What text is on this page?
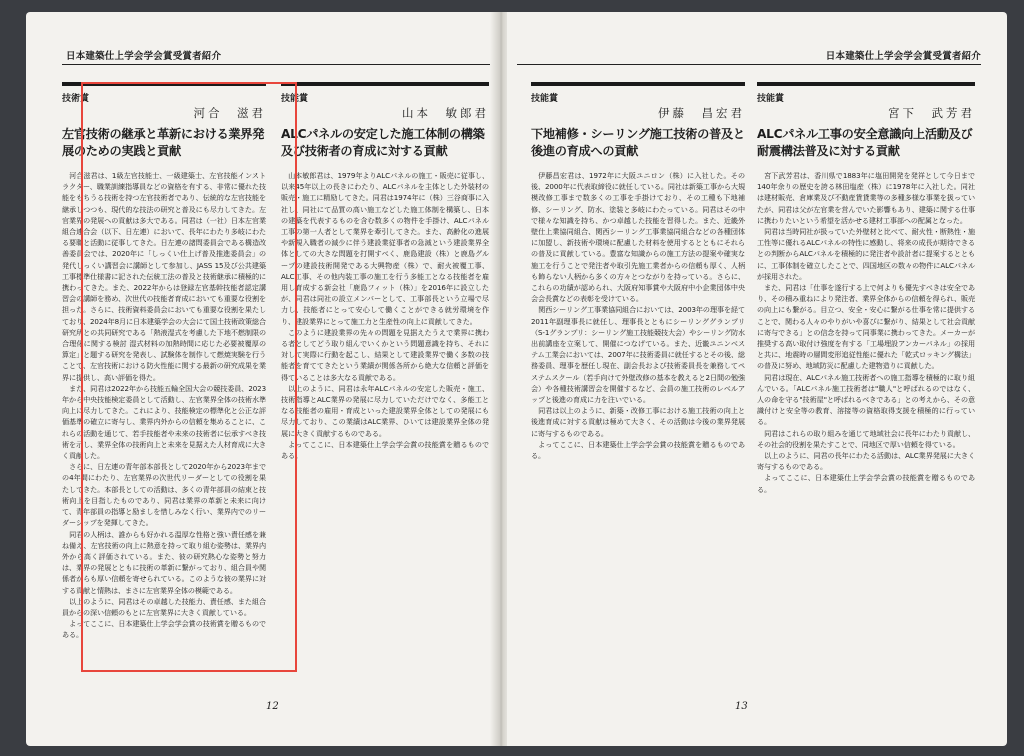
日本建築仕上学会学会賞受賞者紹介
技術賞
河合　滋君
左官技術の継承と革新における業界発展のための実践と貢献

河合滋君は、1級左官技能士、一級建築士、左官技能インストラクター、職業訓練指導員などの資格を有する、非常に優れた技能をもちうる技術を持つ左官技術者であり、伝統的な左官技能を継承しつつも、現代的な技法の研究と普及にも尽力してきた。左官業界の発展への貢献は多大である。同君は（一社）日本左官業組合連合会（以下、日左連）において、長年にわたり多岐にわたる要職と活動に従事してきた。日左連の諸問委員会である構造改善委員会では、2020年に「しっくい仕上げ普及推進委員会」の発代しっくい講習会に講師として参加し、JASS 15及び公共建築工事標準仕様書に記された伝統工法の普及と技術継承に積極的に携わってきた。また、2022年からは登録左官基幹技能者認定講習会の講師を務め、次世代の技能者育成においても重要な役割を担った。さらに、技術資料委員会においても重要な役割を果たしており、2024年8月に日本建築学会の大会にて国土技術政策総合研究所との共同研究である「熱液湿式を考慮した下地不燃制限の合理化に関する検討 湿式材料の加熱時間に応じた必要被覆厚の算定」と題する研究を発表し、試験体を制作して燃焼実験を行うことで、左官技術における防火性能に関する最新の研究成果を業界に提供し、高い評価を得た。

また、同君は2022年から技能五輪全国大会の競技委員、2023年から中央技能検定委員として活動し、左官業界全体の技術水準向上に尽力してきた。これにより、技能検定の標準化と公正な評価基準の確立に寄与し、業界内外からの信頼を集めることに、これらの活動を通じて、若手技能者や未来の技術者に伝承すべき技術を示し、業界全体の技術向上と未来を見据えた人材育成に大きく貢献した。

さらに、日左連の青年部本部長として2020年から2023年までの4年間にわたり、左官業界の次世代リーダーとしての役割を果たしてきた。本部長としての活動は、多くの青年部員の結束と技術向上を目指したものであり、同君は業界の革新と未来に向けて、青年部員の指導と励ましを惜しみなく行い、業界内でのリーダーシップを発揮してきた。

同君の人柄は、誰からも好かれる温厚な性格と強い責任感を兼ね備え、左官技術の向上に熱意を持って取り組む姿勢は、業界内外から高く評価されている。また、彼の研究熱心な姿勢と努力は、業界の発展とともに技術の革新に繋がっており、組合員や関係者からも厚い信頼を寄せられている。このような彼の業界に対する貢献と情熱は、まさに左官業界全体の模範である。

以上のように、同君はその卓越した技能力、責任感、また組合員からの深い信頼のもとに左官業界に大きく貢献している。

よってここに、日本建築仕上学会学会賞の技術賞を贈るものである。

技能賞
山本　敏郎君
ALCパネルの安定した施工体制の構築及び技術者の育成に対する貢献

山本敏郎君は、1979年よりALCパネルの施工・販売に従事し、以来45年以上の長きにわたり、ALCパネルを主体とした外装材の販売・施工に精励してきた。同君は1974年に（株）三谷商事に入社し、同社にて品質の高い施工などした施工体制を構築し、日本の建築を代表するものを含む数多くの物件を手掛け、ALCパネル工事の第一人者として業界を牽引してきた。また、高齢化の進展や新規入職者の減少に伴う建設業従事者の急減という建設業界全体としての大きな問題を打開すべく、鹿島建設（株）と鹿島グループの建設技術開発である大興物産（株）で、耐火被覆工事、ALC工事、その他内装工事の施工を行う多能工となる技能者を雇用し育成する新会社「鹿島フィット（株）」を2016年に設立したが、同君は同社の設立メンバーとして、工事部長という立場で尽力し、技能者にとって安心して働くことができる就労環境を作り、建設業界にとって施工力と生産性の向上に貢献してきた。

このように建設業界の先々の問題を見据えたうえで業界に携わる者としてどう取り組んでいくかという問題意識を持ち、それに対して実際に行動を起こし、結果として建設業界で働く多数の技能者を育ててきたという業績が関係各所から絶大な信頼と評価を得ていることは多大なる貢献である。

以上のように、同君は永年ALCパネルの安定した販売・施工、技術指導とALC業界の発展に尽力していただけでなく、多能工となる技能者の雇用・育成といった建設業界全体としての発展にも尽力しており、この業績はALC業界、ひいては建設業界全体の発展に大きく貢献するものである。

よってここに、日本建築仕上学会学会賞の技能賞を贈るものである。

12
日本建築仕上学会学会賞受賞者紹介
技能賞
伊藤　昌宏君
下地補修・シーリング施工技術の普及と後進の育成への貢献

伊藤昌宏君は、1972年に大阪ユニロン（株）に入社した。その後、2000年に代表取締役に就任している。同社は新築工事から大規模改修工事まで数多くの工事を手掛けており、その工種も下地補修、シーリング、防水、塗装と多岐にわたっている。同君はその中で様々な知識を持ち、かつ卓越した技能を習得した。また、近畿外壁仕上業協同組合、関西シーリング工事業協同組合などの各種団体に加盟し、新技術や環境に配慮した材料を使用するとともにそれらの普及に貢献している。豊富な知識からの施工方法の提案や確実な施工を行うことで発注者や取引先施工業者からの信頼も厚く、人柄も飾らない人柄から多くの方々とつながりを持っている。さらに、これらの功績が認められ、大阪府知事賞や大阪府中小企業団体中央会会長賞などの表彰を受けている。

関西シーリング工事業協同組合においては、2003年の理事を経て2011年副理事長に就任し、理事長とともにシーリンググランプリ（S-1グランプリ：シーリング施工技能競技大会）やシーリング防水出前講座を立案して、開催につなげている。また、近畿ユニンベステム工業会においては、2007年に技術委員に就任するとその後、総務委員、理事を歴任し現在、副会長および技術委員長を兼務してペステムスクール（若手向けて外壁改修の基本を教えると2日間の勉強会）や各種技術講習会を開催するなど、会員の施工技術のレベルアップと後進の育成に力を注いでいる。

同君は以上のように、新築・改修工事における施工技術の向上と後進育成に対する貢献は極めて大きく、その活動は今後の業界発展に寄与するものである。

よってここに、日本建築仕上学会学会賞の技能賞を贈るものである。

技能賞
宮下　武芳君
ALCパネル工事の安全意識向上活動及び耐震構法普及に対する貢献

宮下武芳君は、香川県で1883年に塩田開発を発祥として今日まで140年余りの歴史を誇る林田塩産（株）に1978年に入社した。同社は建材販売、倉庫業及び不動産賃貸業等の多種多様な事業を扱っていたが、同君は父が左官業を営んでいた影響もあり、建築に関する仕事に携わりたいという希望を活かせる建材工事部への配属となった。

同君は当時同社が扱っていた外壁材と比べて、耐火性・断熱性・施工性等に優れるALCパネルの特性に感動し、将来の成長が期待できるとの判断からALCパネルを積極的に発注者や設計者に提案するとともに、工事体制を確立したことで、四国地区の数々の物件にALCパネルが採用された。

また、同君は「仕事を遂行する上で何よりも優先すべきは安全であり、その積み重ねにより発注者、業界全体からの信頼を得られ、販売の向上にも繋がる。目立つ、安全・安心に繋がる仕事を常に提供することで、関わる人々のやりがいや喜びに繋がり、結果として社会貢献に寄与できる」との信念を持って同事業に携わってきた。メーカーが推奨する高い取付け強度を有する「工場埋設アンカーパネル」の採用と共に、地震時の層間変形追従性能に優れた「乾式ロッキング構法」の普及に努め、地域防災に配慮した建物造りに貢献した。

同君は現在、ALCパネル施工技術者への施工指導を積極的に取り組んでいる。「ALCパネル施工技術者は"職人"と呼ばれるのではなく、人の命を守る"技術屋"と呼ばれるべきである」との考えから、その意識付けと安全等の教育、溶接等の資格取得支援を積極的に行っている。

同君はこれらの取り組みを通じて地域社会に長年にわたり貢献し、その社会的役割を果たすことで、同地区で厚い信頼を得ている。

以上のように、同君の長年にわたる活動は、ALC業界発展に大きく寄与するものである。

よってここに、日本建築仕上学会学会賞の技能賞を贈るものである。

13
